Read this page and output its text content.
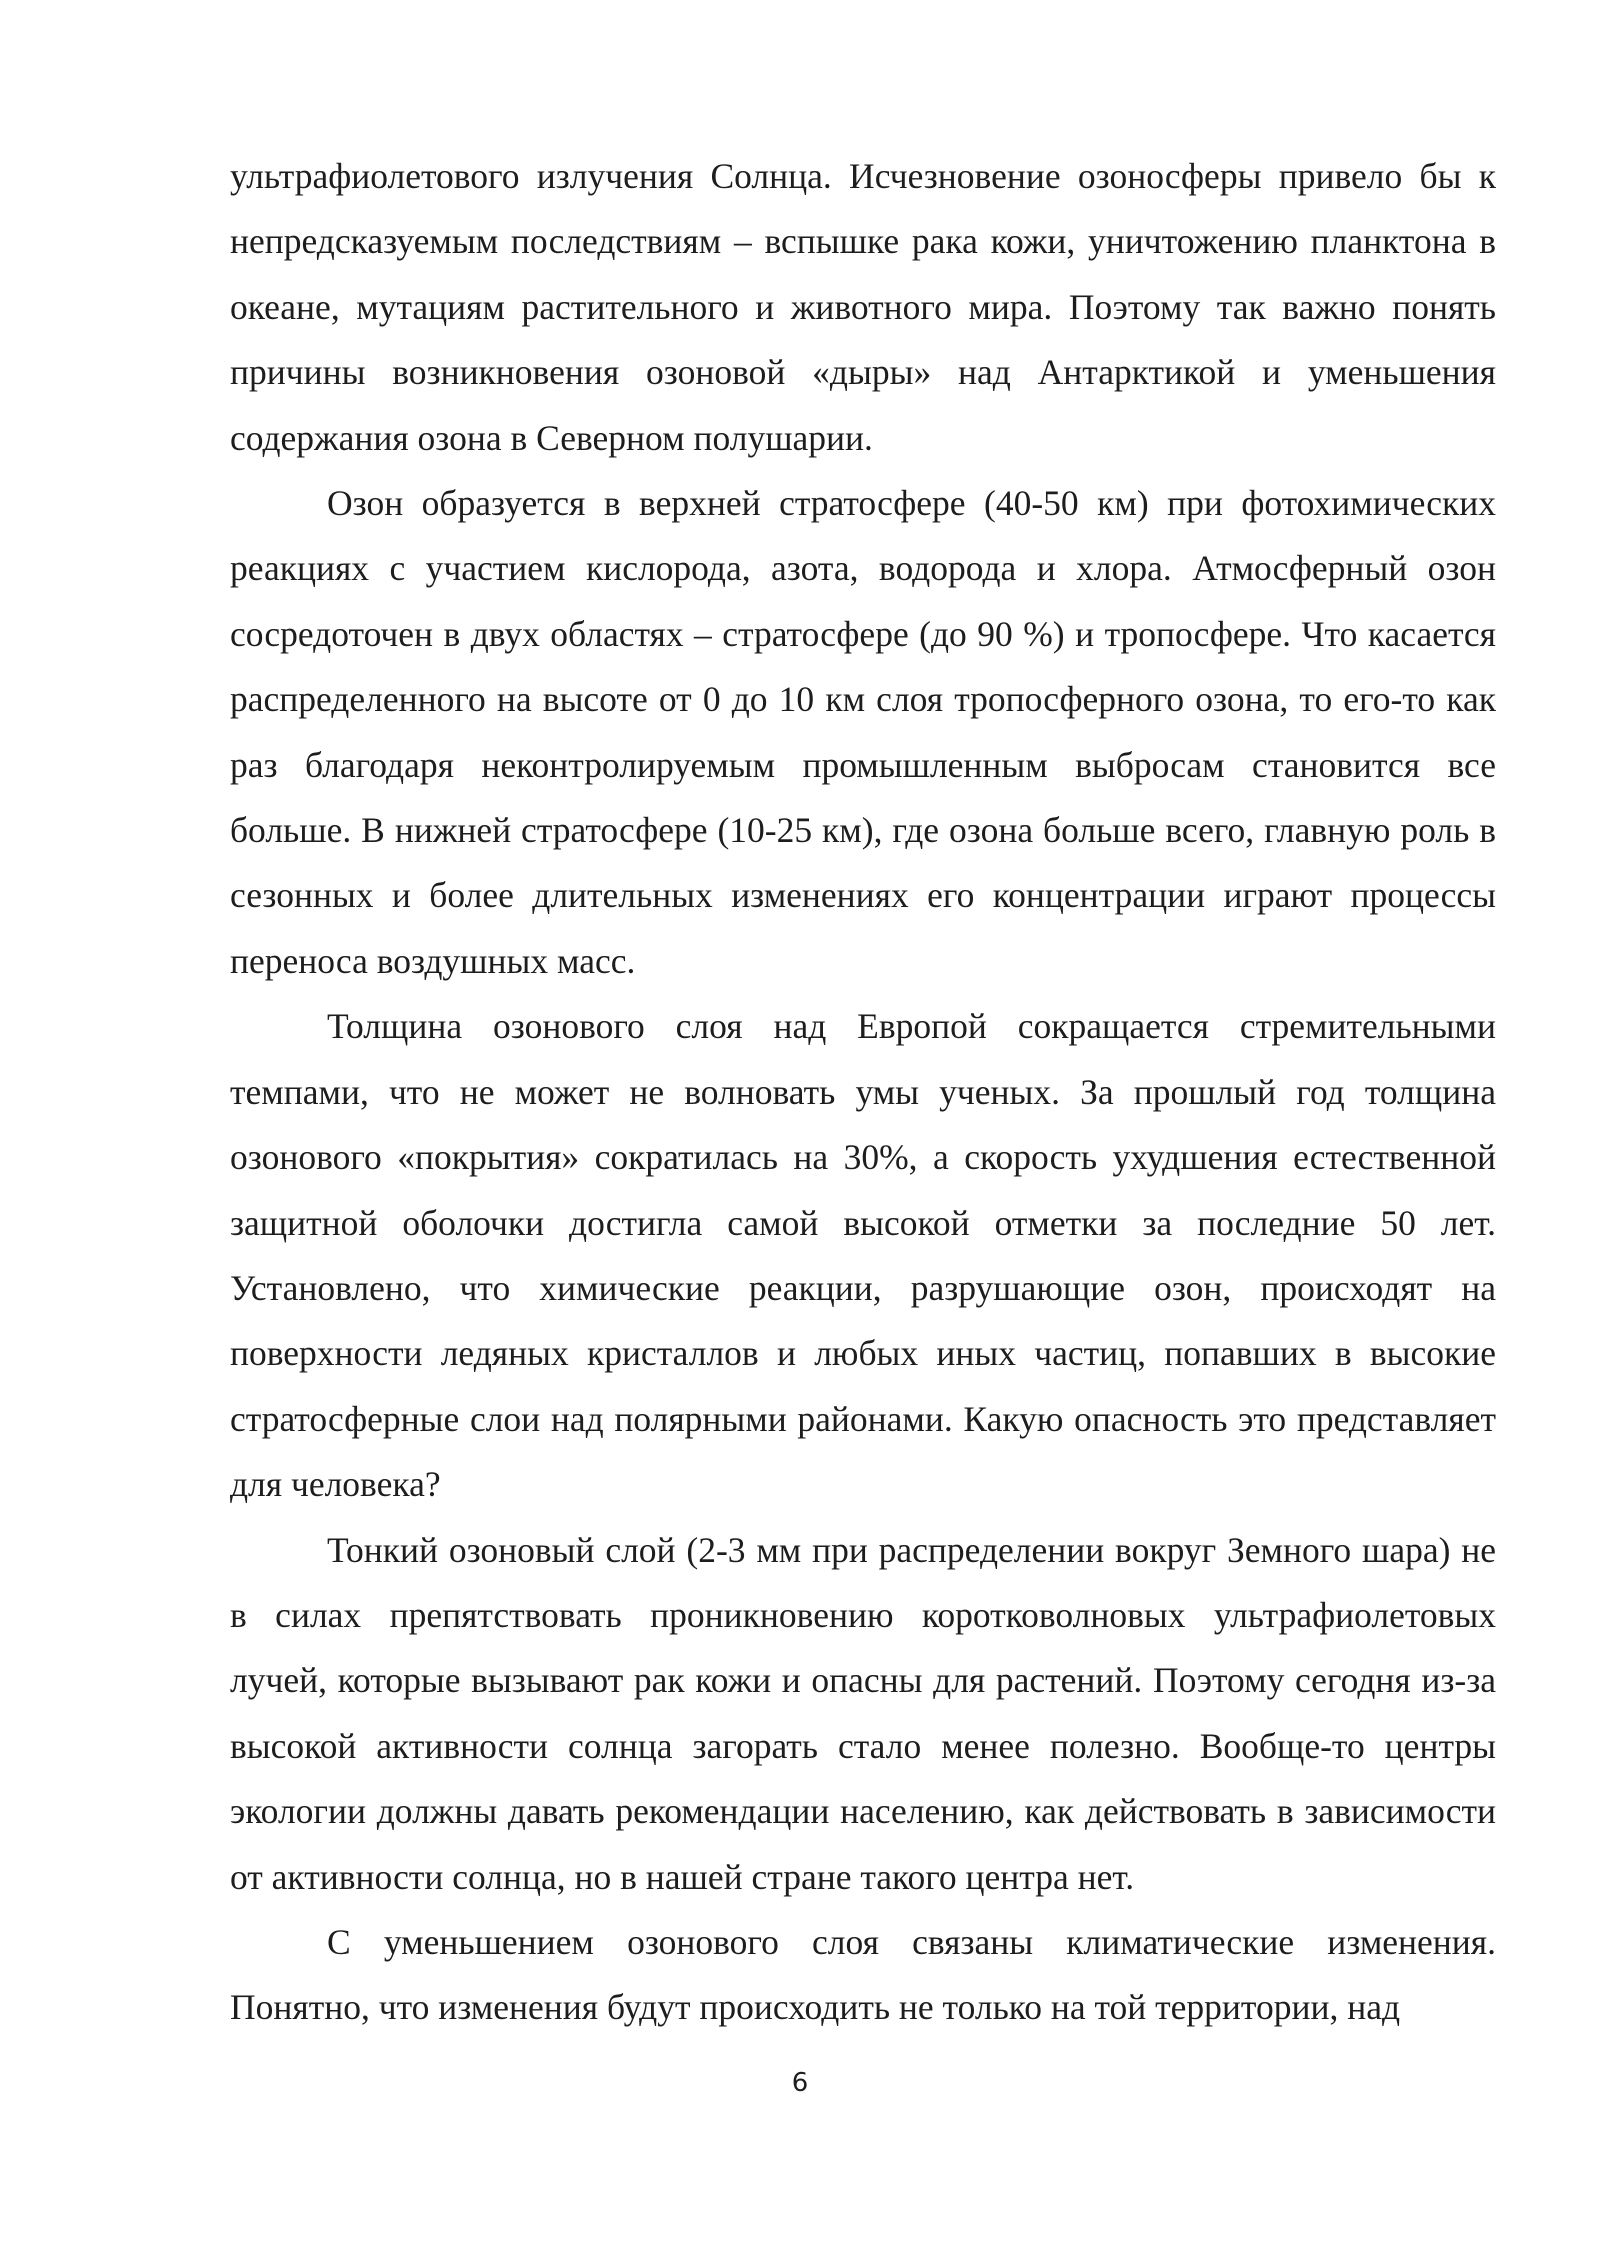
ультрафиолетового излучения Солнца. Исчезновение озоносферы привело бы к непредсказуемым последствиям – вспышке рака кожи, уничтожению планктона в океане, мутациям растительного и животного мира. Поэтому так важно понять причины возникновения озоновой «дыры» над Антарктикой и уменьшения содержания озона в Северном полушарии.

Озон образуется в верхней стратосфере (40-50 км) при фотохимических реакциях с участием кислорода, азота, водорода и хлора. Атмосферный озон сосредоточен в двух областях – стратосфере (до 90 %) и тропосфере. Что касается распределенного на высоте от 0 до 10 км слоя тропосферного озона, то его-то как раз благодаря неконтролируемым промышленным выбросам становится все больше. В нижней стратосфере (10-25 км), где озона больше всего, главную роль в сезонных и более длительных изменениях его концентрации играют процессы переноса воздушных масс.

Толщина озонового слоя над Европой сокращается стремительными темпами, что не может не волновать умы ученых. За прошлый год толщина озонового «покрытия» сократилась на 30%, а скорость ухудшения естественной защитной оболочки достигла самой высокой отметки за последние 50 лет. Установлено, что химические реакции, разрушающие озон, происходят на поверхности ледяных кристаллов и любых иных частиц, попавших в высокие стратосферные слои над полярными районами. Какую опасность это представляет для человека?

Тонкий озоновый слой (2-3 мм при распределении вокруг Земного шара) не в силах препятствовать проникновению коротковолновых ультрафиолетовых лучей, которые вызывают рак кожи и опасны для растений. Поэтому сегодня из-за высокой активности солнца загорать стало менее полезно. Вообще-то центры экологии должны давать рекомендации населению, как действовать в зависимости от активности солнца, но в нашей стране такого центра нет.

С уменьшением озонового слоя связаны климатические изменения. Понятно, что изменения будут происходить не только на той территории, над

6
